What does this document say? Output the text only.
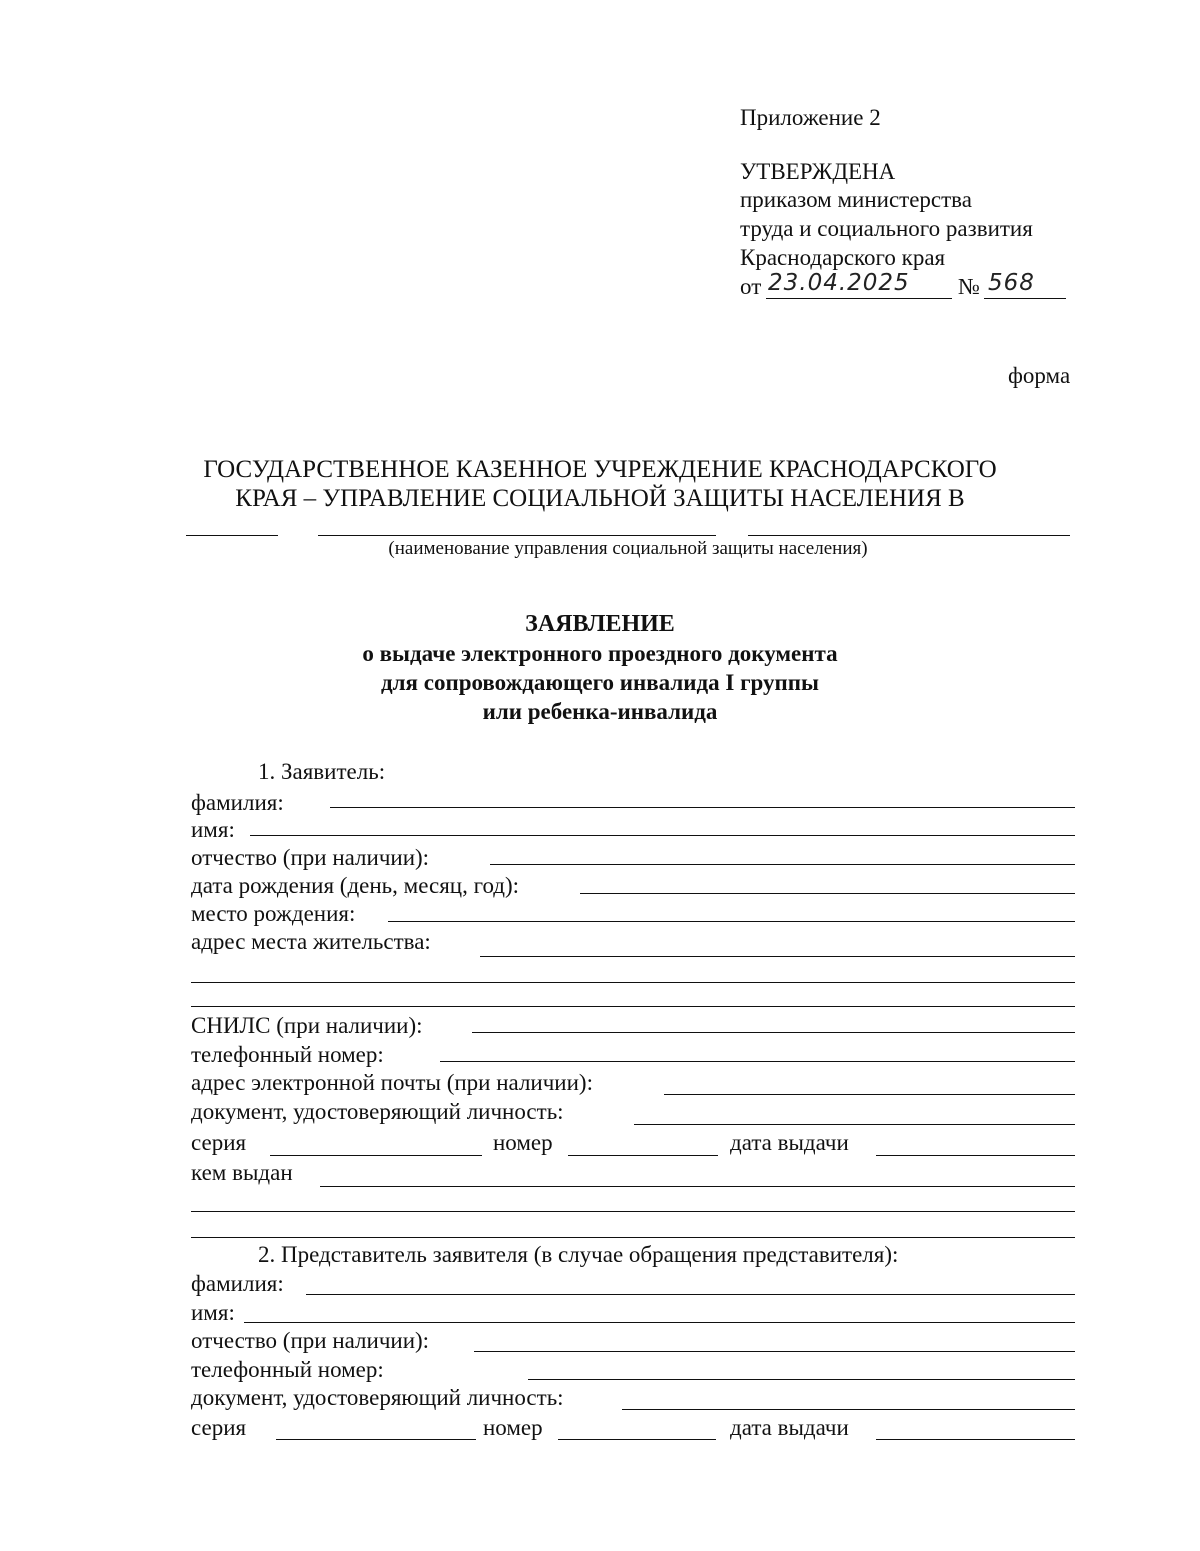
Приложение 2
УТВЕРЖДЕНА
приказом министерства
труда и социального развития
Краснодарского края
от 23.04.2025 № 568
форма
ГОСУДАРСТВЕННОЕ КАЗЕННОЕ УЧРЕЖДЕНИЕ КРАСНОДАРСКОГО
КРАЯ – УПРАВЛЕНИЕ СОЦИАЛЬНОЙ ЗАЩИТЫ НАСЕЛЕНИЯ В
(наименование управления социальной защиты населения)
ЗАЯВЛЕНИЕ
о выдаче электронного проездного документа
для сопровождающего инвалида I группы
или ребенка-инвалида
1. Заявитель:
фамилия:
имя:
отчество (при наличии):
дата рождения (день, месяц, год):
место рождения:
адрес места жительства:
СНИЛС (при наличии):
телефонный номер:
адрес электронной почты (при наличии):
документ, удостоверяющий личность:
серия	номер	дата выдачи
кем выдан
2. Представитель заявителя (в случае обращения представителя):
фамилия:
имя:
отчество (при наличии):
телефонный номер:
документ, удостоверяющий личность:
серия	номер	дата выдачи
